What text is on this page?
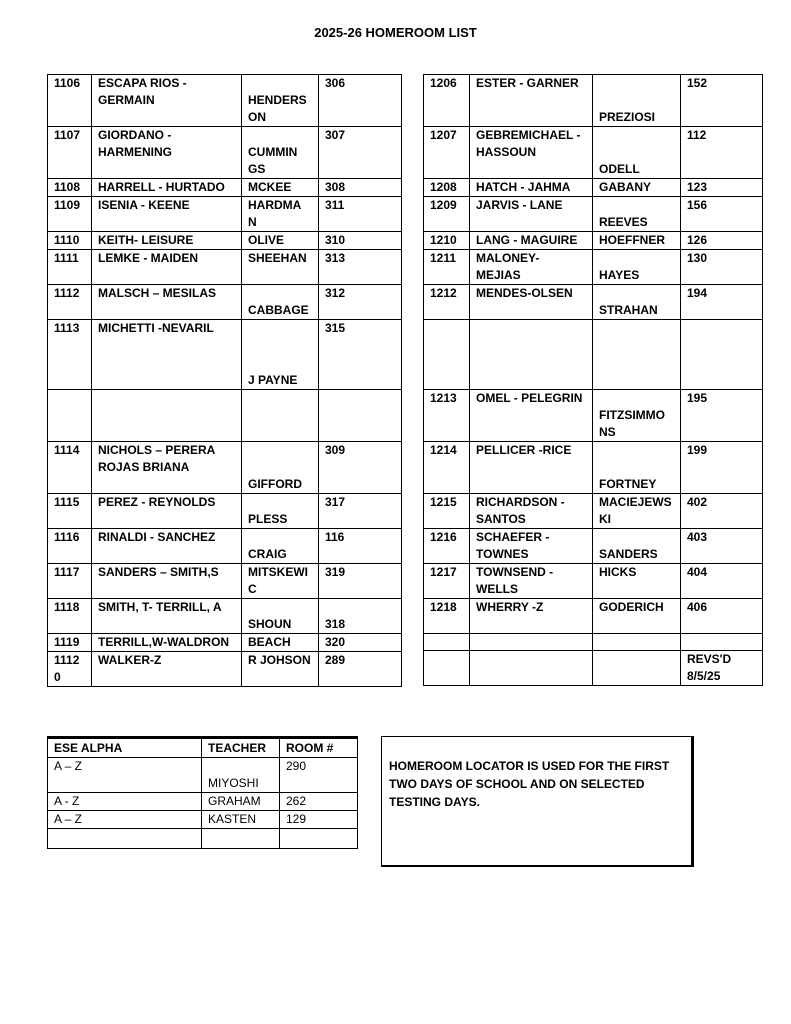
2025-26 HOMEROOM LIST
1106	ESCAPA RIOS - GERMAIN	HENDERS ON	306
1107	GIORDANO - HARMENING	CUMMIN GS	307
1108	HARRELL - HURTADO	MCKEE	308
1109	ISENIA - KEENE	HARDMA N	311
1110	KEITH- LEISURE	OLIVE	310
1111	LEMKE - MAIDEN	SHEEHAN	313
1112	MALSCH – MESILAS	CABBAGE	312
1113	MICHETTI -NEVARIL	J PAYNE	315

1114	NICHOLS – PERERA ROJAS BRIANA	GIFFORD	309
1115	PEREZ - REYNOLDS	PLESS	317
1116	RINALDI - SANCHEZ	CRAIG	116
1117	SANDERS – SMITH,S	MITSKEWI C	319
1118	SMITH, T- TERRILL, A	SHOUN	318
1119	TERRILL,W-WALDRON	BEACH	320
1112 0	WALKER-Z	R JOHSON	289
1206	ESTER - GARNER	PREZIOSI	152
1207	GEBREMICHAEL - HASSOUN	ODELL	112
1208	HATCH - JAHMA	GABANY	123
1209	JARVIS - LANE	REEVES	156
1210	LANG - MAGUIRE	HOEFFNER	126
1211	MALONEY- MEJIAS	HAYES	130
1212	MENDES-OLSEN	STRAHAN	194

1213	OMEL - PELEGRIN	FITZSIMMO NS	195
1214	PELLICER -RICE	FORTNEY	199
1215	RICHARDSON - SANTOS	MACIEJEWS KI	402
1216	SCHAEFER - TOWNES	SANDERS	403
1217	TOWNSEND - WELLS	HICKS	404
1218	WHERRY -Z	GODERICH	406

			REVS'D 8/5/25
ESE ALPHA	TEACHER	ROOM #
A – Z	MIYOSHI	290
A - Z	GRAHAM	262
A – Z	KASTEN	129

HOMEROOM LOCATOR IS USED FOR THE FIRST TWO DAYS OF SCHOOL AND ON SELECTED TESTING DAYS.
